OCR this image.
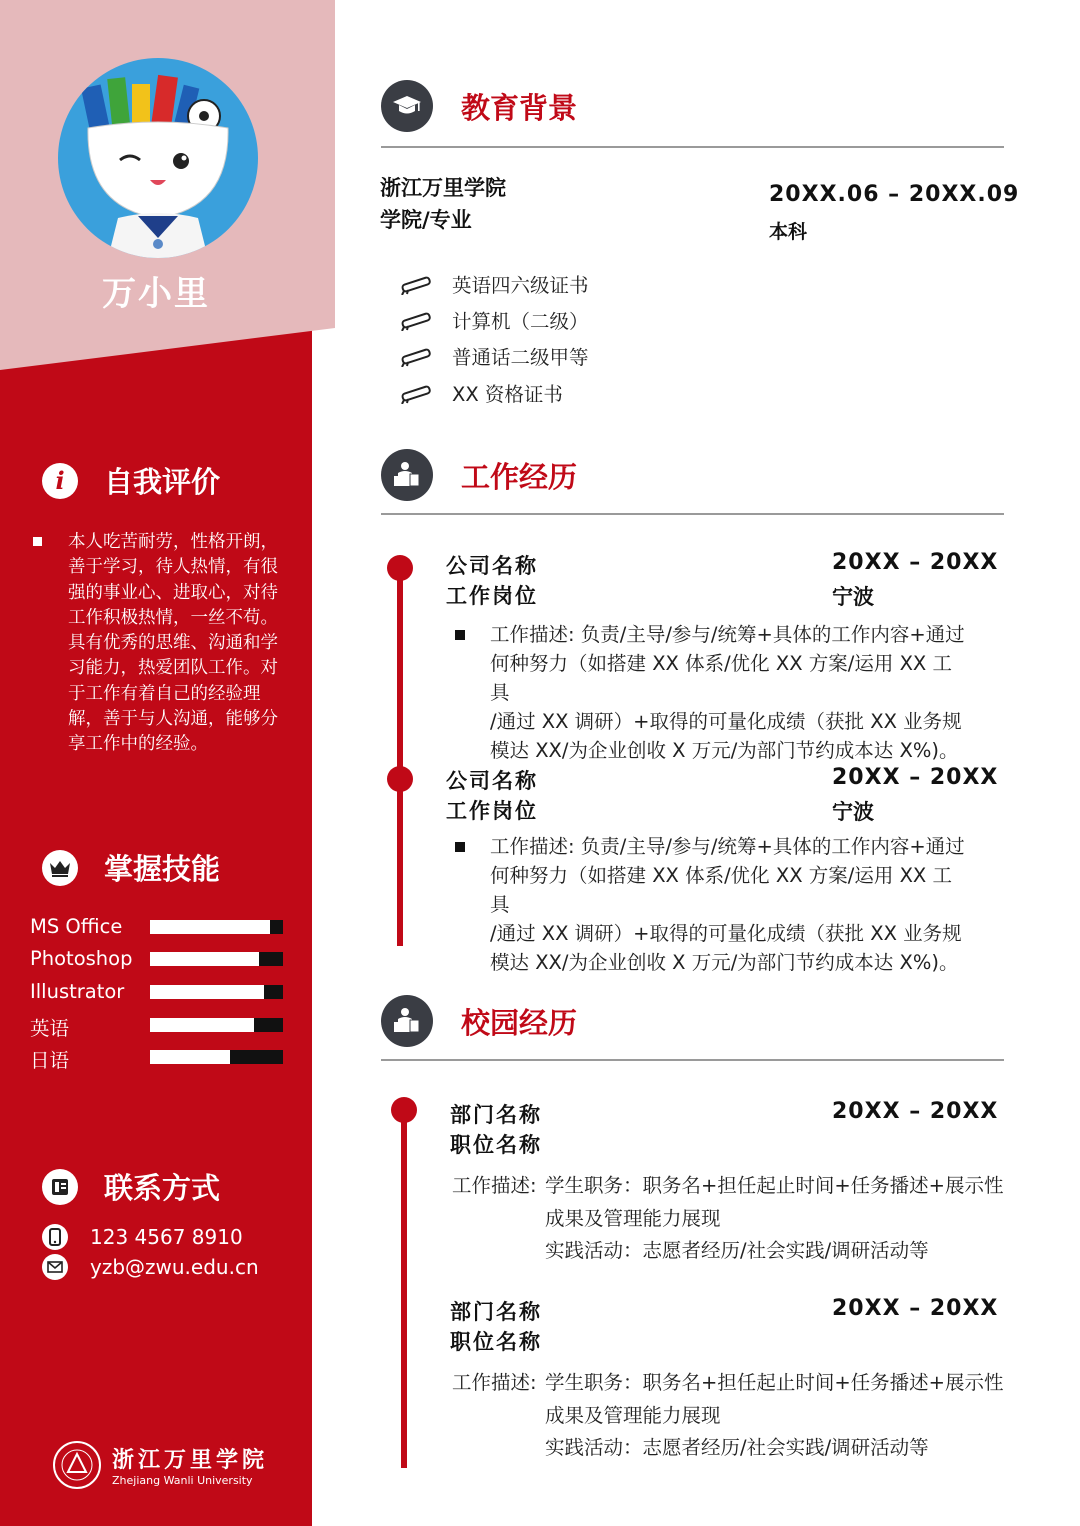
万小里
i	自我评价
本人吃苦耐劳，性格开朗，善于学习，待人热情，有很强的事业心、进取心，对待工作积极热情，一丝不苟。具有优秀的思维、沟通和学习能力，热爱团队工作。对于工作有着自己的经验理解，善于与人沟通，能够分享工作中的经验。
掌握技能
MS Office
Photoshop
Illustrator
英语
日语
联系方式
123 4567 8910
yzb@zwu.edu.cn
浙江万里学院
Zhejiang Wanli University
教育背景
浙江万里学院
学院/专业
20XX.06 – 20XX.09
本科
英语四六级证书
计算机（二级）
普通话二级甲等
XX 资格证书
工作经历
公司名称
工作岗位
20XX – 20XX
宁波
工作描述: 负责/主导/参与/统筹+具体的工作内容+通过
何种努力（如搭建 XX 体系/优化 XX 方案/运用 XX 工具
/通过 XX 调研）+取得的可量化成绩（获批 XX 业务规
模达 XX/为企业创收 X 万元/为部门节约成本达 X%)。
公司名称
工作岗位
20XX – 20XX
宁波
工作描述: 负责/主导/参与/统筹+具体的工作内容+通过
何种努力（如搭建 XX 体系/优化 XX 方案/运用 XX 工具
/通过 XX 调研）+取得的可量化成绩（获批 XX 业务规
模达 XX/为企业创收 X 万元/为部门节约成本达 X%)。
校园经历
部门名称
职位名称
20XX – 20XX
工作描述: 学生职务：职务名+担任起止时间+任务播述+展示性
成果及管理能力展现
实践活动：志愿者经历/社会实践/调研活动等
部门名称
职位名称
20XX – 20XX
工作描述: 学生职务：职务名+担任起止时间+任务播述+展示性
成果及管理能力展现
实践活动：志愿者经历/社会实践/调研活动等
